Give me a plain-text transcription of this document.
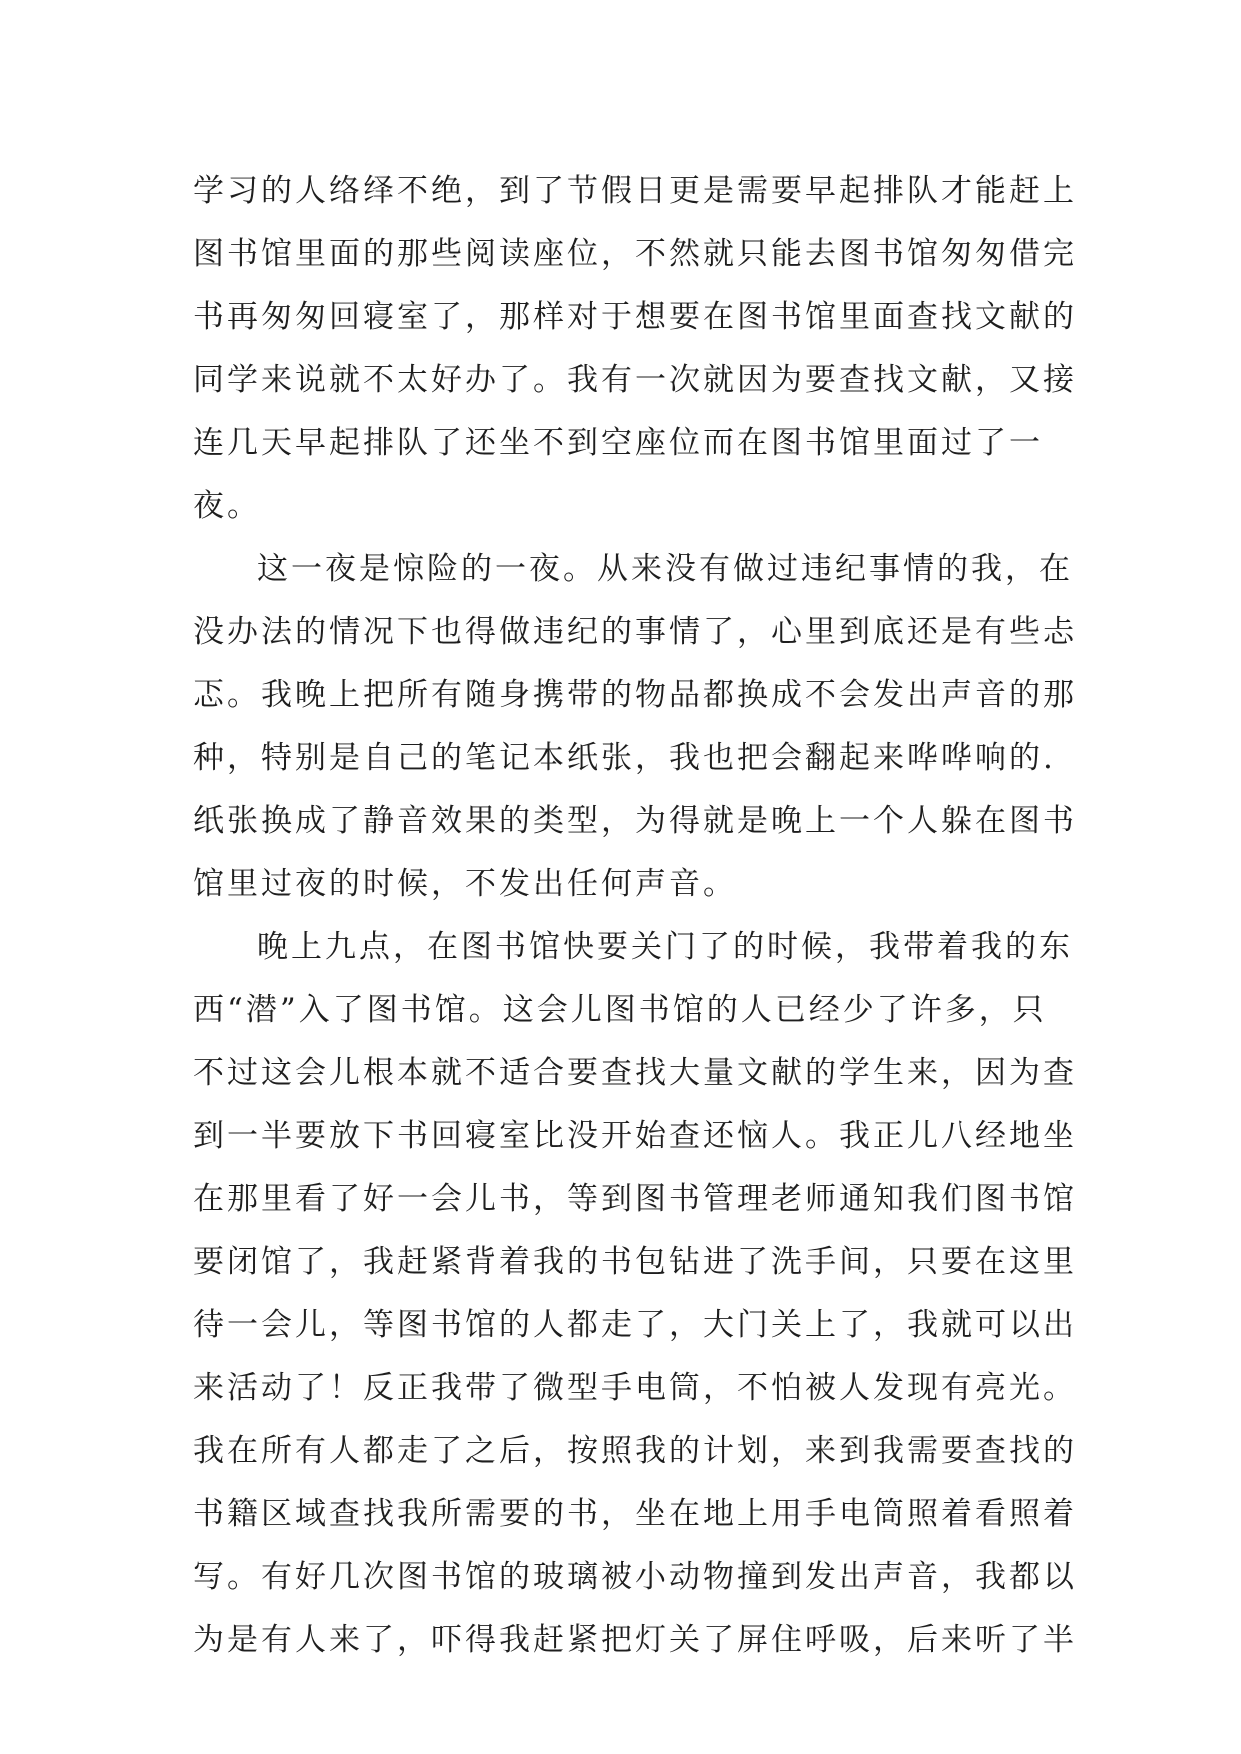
学习的人络绎不绝，到了节假日更是需要早起排队才能赶上
图书馆里面的那些阅读座位，不然就只能去图书馆匆匆借完
书再匆匆回寝室了，那样对于想要在图书馆里面查找文献的
同学来说就不太好办了。我有一次就因为要查找文献，又接
连几天早起排队了还坐不到空座位而在图书馆里面过了一
夜。
这一夜是惊险的一夜。从来没有做过违纪事情的我，在
没办法的情况下也得做违纪的事情了，心里到底还是有些忐
忑。我晚上把所有随身携带的物品都换成不会发出声音的那
种，特别是自己的笔记本纸张，我也把会翻起来哗哗响的.
纸张换成了静音效果的类型，为得就是晚上一个人躲在图书
馆里过夜的时候，不发出任何声音。
晚上九点，在图书馆快要关门了的时候，我带着我的东
西“潜”入了图书馆。这会儿图书馆的人已经少了许多，只
不过这会儿根本就不适合要查找大量文献的学生来，因为查
到一半要放下书回寝室比没开始查还恼人。我正儿八经地坐
在那里看了好一会儿书，等到图书管理老师通知我们图书馆
要闭馆了，我赶紧背着我的书包钻进了洗手间，只要在这里
待一会儿，等图书馆的人都走了，大门关上了，我就可以出
来活动了！反正我带了微型手电筒，不怕被人发现有亮光。
我在所有人都走了之后，按照我的计划，来到我需要查找的
书籍区域查找我所需要的书，坐在地上用手电筒照着看照着
写。有好几次图书馆的玻璃被小动物撞到发出声音，我都以
为是有人来了，吓得我赶紧把灯关了屏住呼吸，后来听了半
